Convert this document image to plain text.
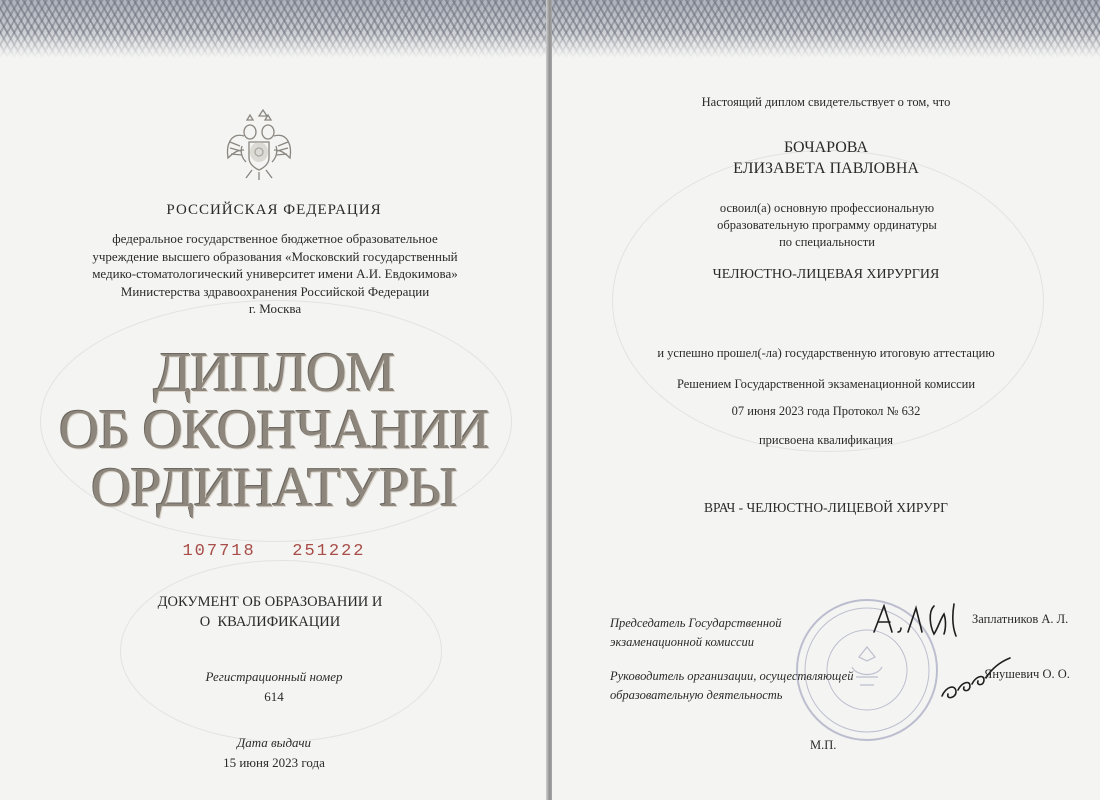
РОССИЙСКАЯ ФЕДЕРАЦИЯ
федеральное государственное бюджетное образовательное
учреждение высшего образования «Московский государственный
медико-стоматологический университет имени А.И. Евдокимова»
Министерства здравоохранения Российской Федерации
г. Москва
ДИПЛОМ
ОБ ОКОНЧАНИИ
ОРДИНАТУРЫ
107718   251222
ДОКУМЕНТ ОБ ОБРАЗОВАНИИ И
О  КВАЛИФИКАЦИИ
Регистрационный номер
614
Дата выдачи
15 июня 2023 года
Настоящий диплом свидетельствует о том, что
БОЧАРОВА
ЕЛИЗАВЕТА ПАВЛОВНА
освоил(а) основную профессиональную
образовательную программу ординатуры
по специальности
ЧЕЛЮСТНО-ЛИЦЕВАЯ ХИРУРГИЯ
и успешно прошел(-ла) государственную итоговую аттестацию
Решением Государственной экзаменационной комиссии
07 июня 2023 года Протокол № 632
присвоена квалификация
ВРАЧ - ЧЕЛЮСТНО-ЛИЦЕВОЙ ХИРУРГ
Председатель Государственной
экзаменационной комиссии
Заплатников А. Л.
Руководитель организации, осуществляющей
образовательную деятельность
Янушевич О. О.
М.П.
